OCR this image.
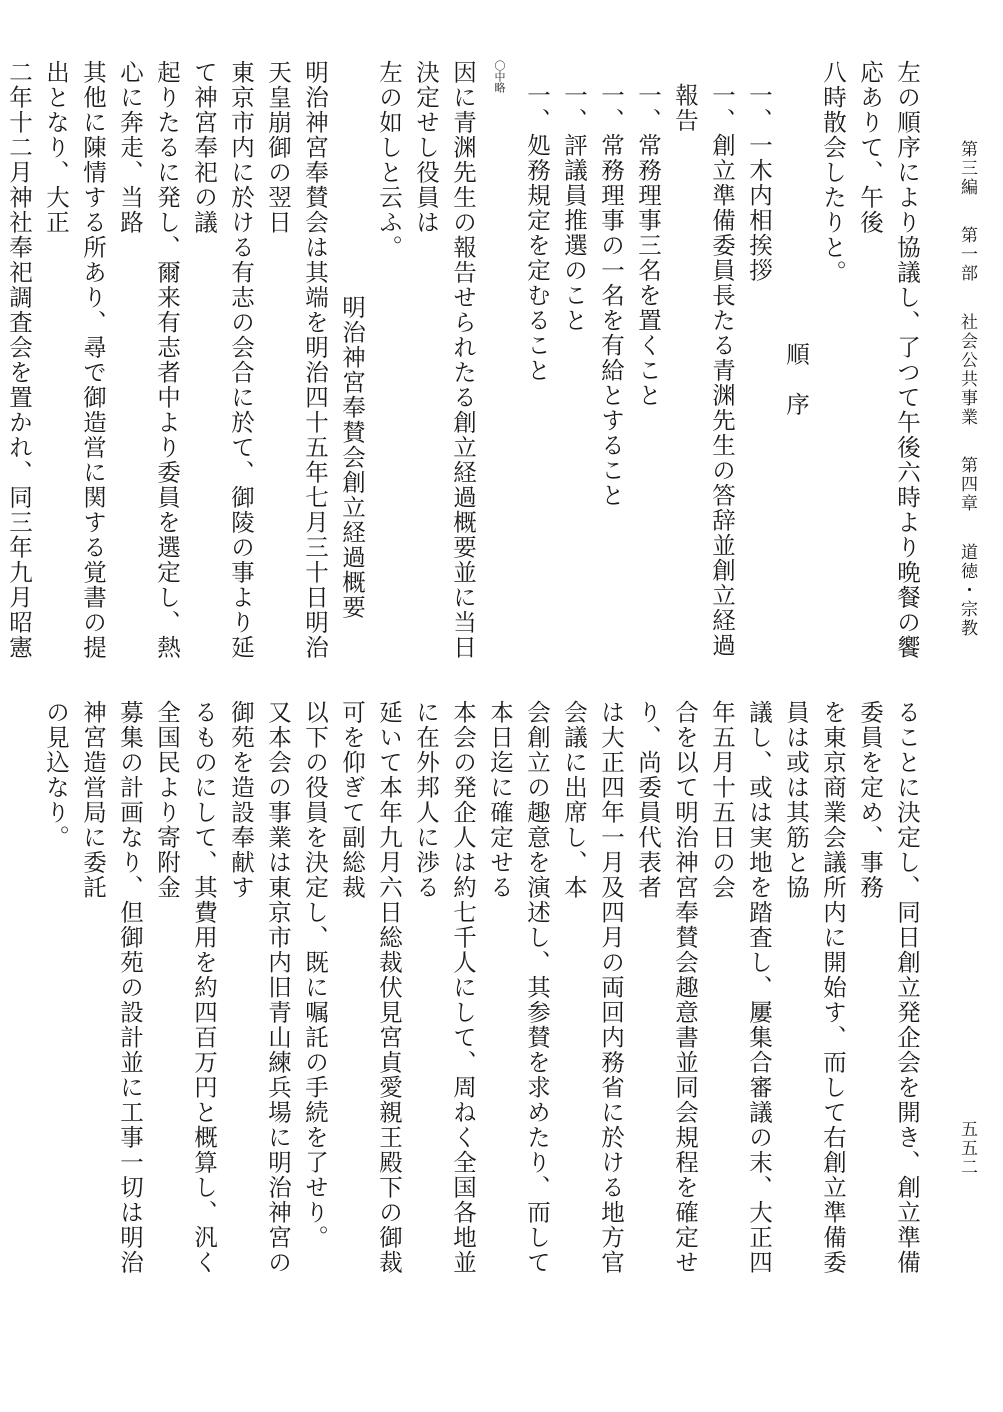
第三編 第一部 社会公共事業 第四章 道徳・宗教
五五二

左の順序により協議し、了つて午後六時より晩餐の饗応ありて、午後

八時散会したりと。

順　序

一、一木内相挨拶

一、創立準備委員長たる青渊先生の答辞並創立経過報告

一、常務理事三名を置くこと

一、常務理事の一名を有給とすること

一、評議員推選のこと

一、処務規定を定むること

〇中略

因に青渊先生の報告せられたる創立経過概要並に当日決定せし役員は

左の如しと云ふ。

明治神宮奉賛会創立経過概要

明治神宮奉賛会は其端を明治四十五年七月三十日明治天皇崩御の翌日

東京市内に於ける有志の会合に於て、御陵の事より延て神宮奉祀の議

起りたるに発し、爾来有志者中より委員を選定し、熱心に奔走、当路

其他に陳情する所あり、尋で御造営に関する覚書の提出となり、大正

二年十二月神社奉祀調査会を置かれ、同三年九月昭憲

ることに決定し、同日創立発企会を開き、創立準備委員を定め、事務

を東京商業会議所内に開始す、而して右創立準備委員は或は其筋と協

議し、或は実地を踏査し、屢集合審議の末、大正四年五月十五日の会

合を以て明治神宮奉賛会趣意書並同会規程を確定せり、尚委員代表者

は大正四年一月及四月の両回内務省に於ける地方官会議に出席し、本

会創立の趣意を演述し、其参賛を求めたり、而して本日迄に確定せる

本会の発企人は約七千人にして、周ねく全国各地並に在外邦人に渉る

延いて本年九月六日総裁伏見宮貞愛親王殿下の御裁可を仰ぎて副総裁

以下の役員を決定し、既に嘱託の手続を了せり。

又本会の事業は東京市内旧青山練兵場に明治神宮の御苑を造設奉献す

るものにして、其費用を約四百万円と概算し、汎く全国民より寄附金

募集の計画なり、但御苑の設計並に工事一切は明治神宮造営局に委託

の見込なり。
